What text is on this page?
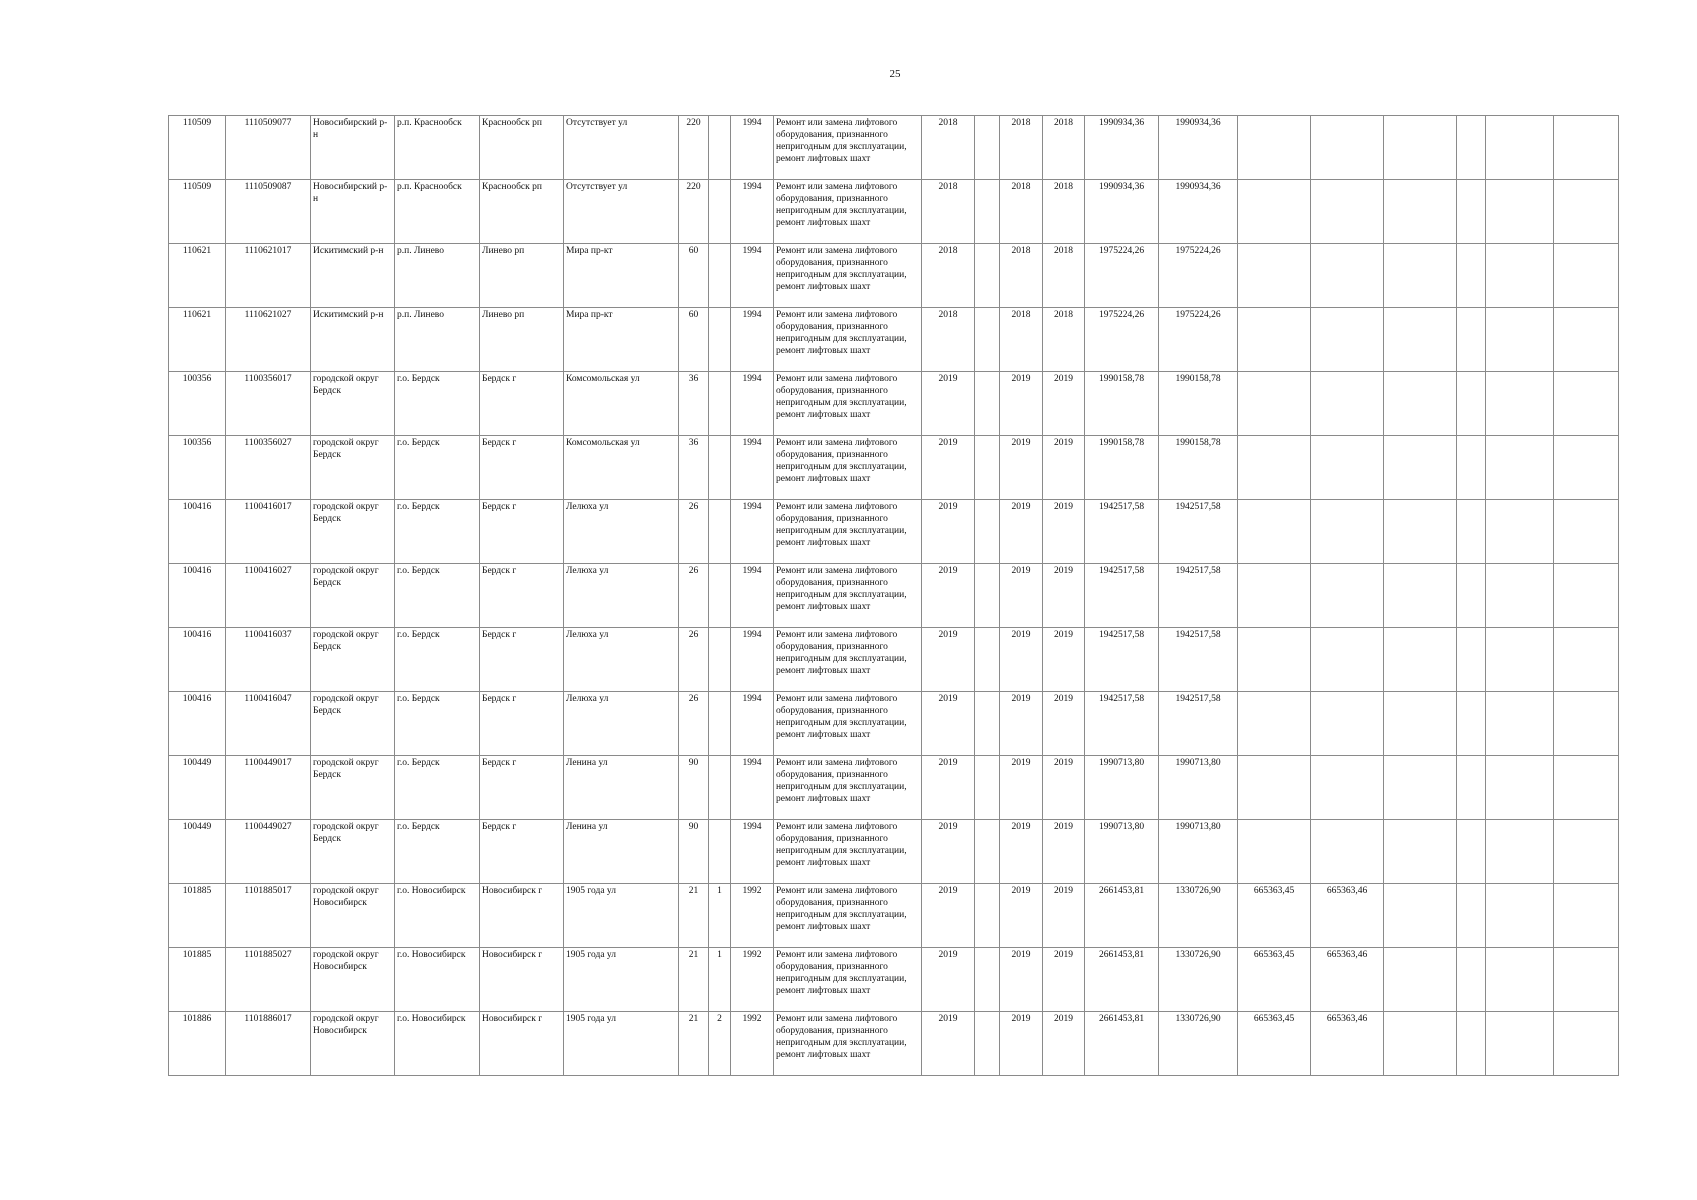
25
110509	1110509077	Новосибирский р-н	р.п. Краснообск	Краснообск рп	Отсутствует ул	220		1994	Ремонт или замена лифтового оборудования, признанного непригодным для эксплуатации, ремонт лифтовых шахт	2018		2018	2018	1990934,36	1990934,36						
110509	1110509087	Новосибирский р-н	р.п. Краснообск	Краснообск рп	Отсутствует ул	220		1994	Ремонт или замена лифтового оборудования, признанного непригодным для эксплуатации, ремонт лифтовых шахт	2018		2018	2018	1990934,36	1990934,36						
110621	1110621017	Искитимский р-н	р.п. Линево	Линево рп	Мира пр-кт	60		1994	Ремонт или замена лифтового оборудования, признанного непригодным для эксплуатации, ремонт лифтовых шахт	2018		2018	2018	1975224,26	1975224,26						
110621	1110621027	Искитимский р-н	р.п. Линево	Линево рп	Мира пр-кт	60		1994	Ремонт или замена лифтового оборудования, признанного непригодным для эксплуатации, ремонт лифтовых шахт	2018		2018	2018	1975224,26	1975224,26						
100356	1100356017	городской округ Бердск	г.о. Бердск	Бердск г	Комсомольская ул	36		1994	Ремонт или замена лифтового оборудования, признанного непригодным для эксплуатации, ремонт лифтовых шахт	2019		2019	2019	1990158,78	1990158,78						
100356	1100356027	городской округ Бердск	г.о. Бердск	Бердск г	Комсомольская ул	36		1994	Ремонт или замена лифтового оборудования, признанного непригодным для эксплуатации, ремонт лифтовых шахт	2019		2019	2019	1990158,78	1990158,78						
100416	1100416017	городской округ Бердск	г.о. Бердск	Бердск г	Лелюха ул	26		1994	Ремонт или замена лифтового оборудования, признанного непригодным для эксплуатации, ремонт лифтовых шахт	2019		2019	2019	1942517,58	1942517,58						
100416	1100416027	городской округ Бердск	г.о. Бердск	Бердск г	Лелюха ул	26		1994	Ремонт или замена лифтового оборудования, признанного непригодным для эксплуатации, ремонт лифтовых шахт	2019		2019	2019	1942517,58	1942517,58						
100416	1100416037	городской округ Бердск	г.о. Бердск	Бердск г	Лелюха ул	26		1994	Ремонт или замена лифтового оборудования, признанного непригодным для эксплуатации, ремонт лифтовых шахт	2019		2019	2019	1942517,58	1942517,58						
100416	1100416047	городской округ Бердск	г.о. Бердск	Бердск г	Лелюха ул	26		1994	Ремонт или замена лифтового оборудования, признанного непригодным для эксплуатации, ремонт лифтовых шахт	2019		2019	2019	1942517,58	1942517,58						
100449	1100449017	городской округ Бердск	г.о. Бердск	Бердск г	Ленина ул	90		1994	Ремонт или замена лифтового оборудования, признанного непригодным для эксплуатации, ремонт лифтовых шахт	2019		2019	2019	1990713,80	1990713,80						
100449	1100449027	городской округ Бердск	г.о. Бердск	Бердск г	Ленина ул	90		1994	Ремонт или замена лифтового оборудования, признанного непригодным для эксплуатации, ремонт лифтовых шахт	2019		2019	2019	1990713,80	1990713,80						
101885	1101885017	городской округ Новосибирск	г.о. Новосибирск	Новосибирск г	1905 года ул	21	1	1992	Ремонт или замена лифтового оборудования, признанного непригодным для эксплуатации, ремонт лифтовых шахт	2019		2019	2019	2661453,81	1330726,90	665363,45	665363,46				
101885	1101885027	городской округ Новосибирск	г.о. Новосибирск	Новосибирск г	1905 года ул	21	1	1992	Ремонт или замена лифтового оборудования, признанного непригодным для эксплуатации, ремонт лифтовых шахт	2019		2019	2019	2661453,81	1330726,90	665363,45	665363,46				
101886	1101886017	городской округ Новосибирск	г.о. Новосибирск	Новосибирск г	1905 года ул	21	2	1992	Ремонт или замена лифтового оборудования, признанного непригодным для эксплуатации, ремонт лифтовых шахт	2019		2019	2019	2661453,81	1330726,90	665363,45	665363,46				
